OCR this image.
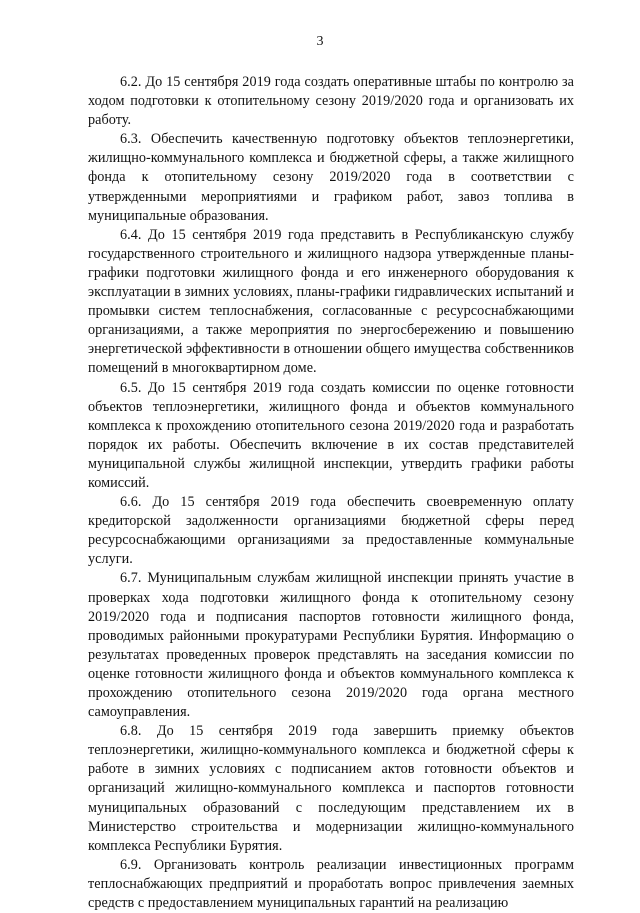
3

6.2. До 15 сентября 2019 года создать оперативные штабы по контролю за ходом подготовки к отопительному сезону 2019/2020 года и организовать их работу.

6.3. Обеспечить качественную подготовку объектов теплоэнергетики, жилищно-коммунального комплекса и бюджетной сферы, а также жилищного фонда к отопительному сезону 2019/2020 года в соответствии с утвержденными мероприятиями и графиком работ, завоз топлива в муниципальные образования.

6.4. До 15 сентября 2019 года представить в Республиканскую службу государственного строительного и жилищного надзора утвержденные планы-графики подготовки жилищного фонда и его инженерного оборудования к эксплуатации в зимних условиях, планы-графики гидравлических испытаний и промывки систем теплоснабжения, согласованные с ресурсоснабжающими организациями, а также мероприятия по энергосбережению и повышению энергетической эффективности в отношении общего имущества собственников помещений в многоквартирном доме.

6.5. До 15 сентября 2019 года создать комиссии по оценке готовности объектов теплоэнергетики, жилищного фонда и объектов коммунального комплекса к прохождению отопительного сезона 2019/2020 года и разработать порядок их работы. Обеспечить включение в их состав представителей муниципальной службы жилищной инспекции, утвердить графики работы комиссий.

6.6. До 15 сентября 2019 года обеспечить своевременную оплату кредиторской задолженности организациями бюджетной сферы перед ресурсоснабжающими организациями за предоставленные коммунальные услуги.

6.7. Муниципальным службам жилищной инспекции принять участие в проверках хода подготовки жилищного фонда к отопительному сезону 2019/2020 года и подписания паспортов готовности жилищного фонда, проводимых районными прокуратурами Республики Бурятия. Информацию о результатах проведенных проверок представлять на заседания комиссии по оценке готовности жилищного фонда и объектов коммунального комплекса к прохождению отопительного сезона 2019/2020 года органа местного самоуправления.

6.8. До 15 сентября 2019 года завершить приемку объектов теплоэнергетики, жилищно-коммунального комплекса и бюджетной сферы к работе в зимних условиях с подписанием актов готовности объектов и организаций жилищно-коммунального комплекса и паспортов готовности муниципальных образований с последующим представлением их в Министерство строительства и модернизации жилищно-коммунального комплекса Республики Бурятия.

6.9. Организовать контроль реализации инвестиционных программ теплоснабжающих предприятий и проработать вопрос привлечения заемных средств с предоставлением муниципальных гарантий на реализацию
